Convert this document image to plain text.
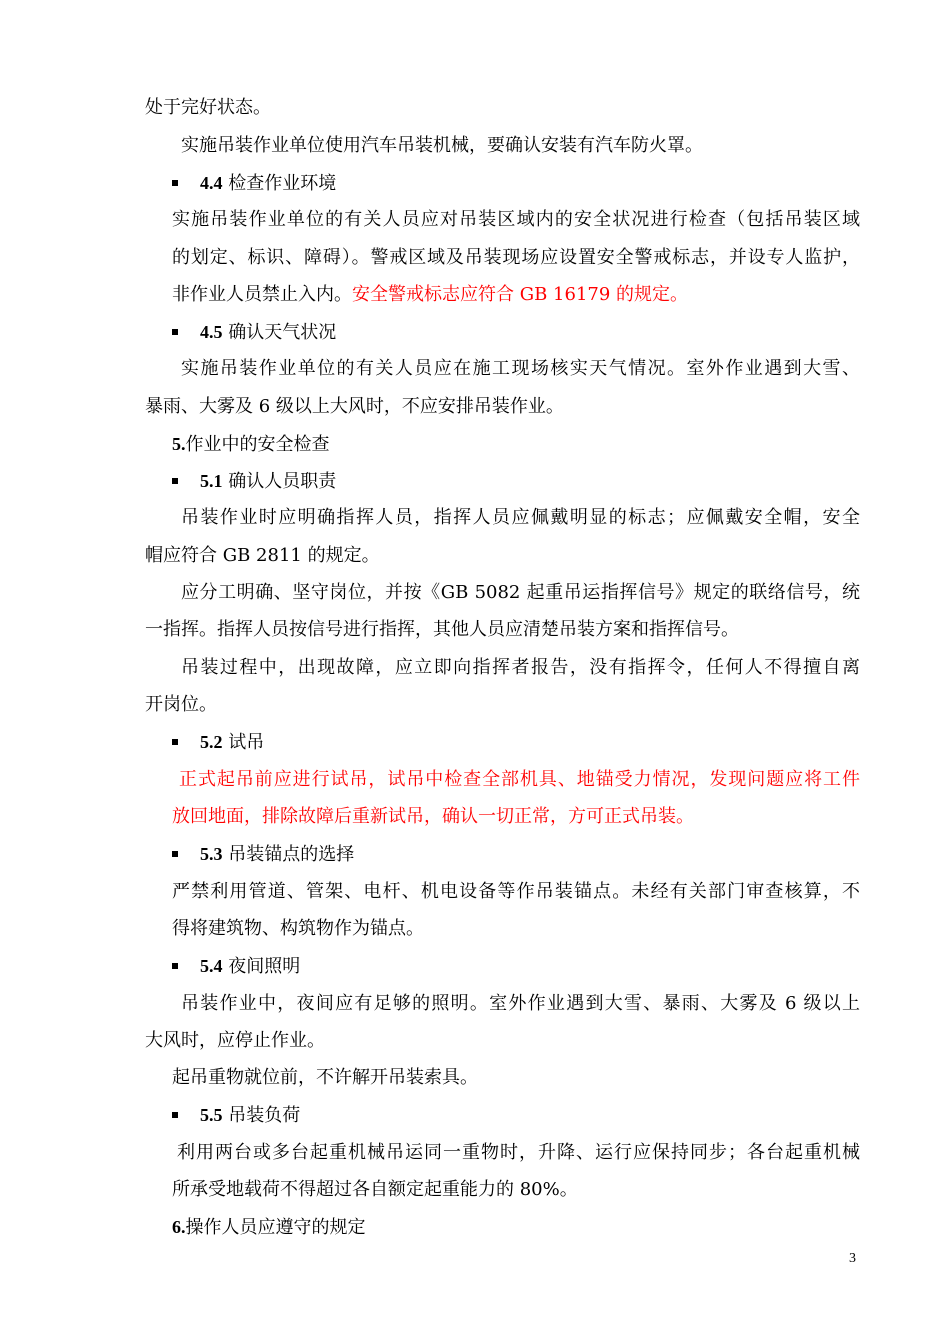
处于完好状态。

实施吊装作业单位使用汽车吊装机械，要确认安装有汽车防火罩。

4.4 检查作业环境

实施吊装作业单位的有关人员应对吊装区域内的安全状况进行检查（包括吊装区域

的划定、标识、障碍）。警戒区域及吊装现场应设置安全警戒标志，并设专人监护，

非作业人员禁止入内。安全警戒标志应符合 GB 16179 的规定。

4.5 确认天气状况

实施吊装作业单位的有关人员应在施工现场核实天气情况。室外作业遇到大雪、

暴雨、大雾及 6 级以上大风时，不应安排吊装作业。

5.作业中的安全检查

5.1 确认人员职责

吊装作业时应明确指挥人员，指挥人员应佩戴明显的标志；应佩戴安全帽，安全

帽应符合 GB 2811 的规定。

应分工明确、坚守岗位，并按《GB 5082 起重吊运指挥信号》规定的联络信号，统

一指挥。指挥人员按信号进行指挥，其他人员应清楚吊装方案和指挥信号。

吊装过程中，出现故障，应立即向指挥者报告，没有指挥令，任何人不得擅自离

开岗位。

5.2 试吊

正式起吊前应进行试吊，试吊中检查全部机具、地锚受力情况，发现问题应将工件

放回地面，排除故障后重新试吊，确认一切正常，方可正式吊装。

5.3 吊装锚点的选择

严禁利用管道、管架、电杆、机电设备等作吊装锚点。未经有关部门审查核算，不

得将建筑物、构筑物作为锚点。

5.4 夜间照明

吊装作业中，夜间应有足够的照明。室外作业遇到大雪、暴雨、大雾及 6 级以上

大风时，应停止作业。

起吊重物就位前，不许解开吊装索具。

5.5 吊装负荷

利用两台或多台起重机械吊运同一重物时，升降、运行应保持同步；各台起重机械

所承受地载荷不得超过各自额定起重能力的 80%。

6.操作人员应遵守的规定

3
